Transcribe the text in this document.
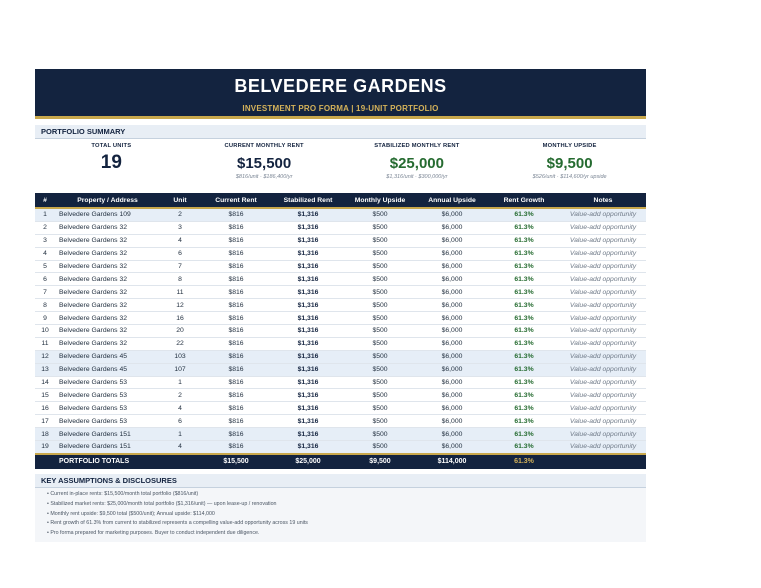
BELVEDERE GARDENS
INVESTMENT PRO FORMA | 19-UNIT PORTFOLIO
PORTFOLIO SUMMARY
TOTAL UNITS
19
CURRENT MONTHLY RENT
$15,500
$816/unit · $186,400/yr
STABILIZED MONTHLY RENT
$25,000
$1,316/unit · $300,000/yr
MONTHLY UPSIDE
$9,500
$526/unit · $114,600/yr upside
#	Property / Address	Unit	Current Rent	Stabilized Rent	Monthly Upside	Annual Upside	Rent Growth	Notes
1	Belvedere Gardens 109	2	$816	$1,316	$500	$6,000	61.3%	Value-add opportunity
2	Belvedere Gardens 32	3	$816	$1,316	$500	$6,000	61.3%	Value-add opportunity
3	Belvedere Gardens 32	4	$816	$1,316	$500	$6,000	61.3%	Value-add opportunity
4	Belvedere Gardens 32	6	$816	$1,316	$500	$6,000	61.3%	Value-add opportunity
5	Belvedere Gardens 32	7	$816	$1,316	$500	$6,000	61.3%	Value-add opportunity
6	Belvedere Gardens 32	8	$816	$1,316	$500	$6,000	61.3%	Value-add opportunity
7	Belvedere Gardens 32	11	$816	$1,316	$500	$6,000	61.3%	Value-add opportunity
8	Belvedere Gardens 32	12	$816	$1,316	$500	$6,000	61.3%	Value-add opportunity
9	Belvedere Gardens 32	16	$816	$1,316	$500	$6,000	61.3%	Value-add opportunity
10	Belvedere Gardens 32	20	$816	$1,316	$500	$6,000	61.3%	Value-add opportunity
11	Belvedere Gardens 32	22	$816	$1,316	$500	$6,000	61.3%	Value-add opportunity
12	Belvedere Gardens 45	103	$816	$1,316	$500	$6,000	61.3%	Value-add opportunity
13	Belvedere Gardens 45	107	$816	$1,316	$500	$6,000	61.3%	Value-add opportunity
14	Belvedere Gardens 53	1	$816	$1,316	$500	$6,000	61.3%	Value-add opportunity
15	Belvedere Gardens 53	2	$816	$1,316	$500	$6,000	61.3%	Value-add opportunity
16	Belvedere Gardens 53	4	$816	$1,316	$500	$6,000	61.3%	Value-add opportunity
17	Belvedere Gardens 53	6	$816	$1,316	$500	$6,000	61.3%	Value-add opportunity
18	Belvedere Gardens 151	1	$816	$1,316	$500	$6,000	61.3%	Value-add opportunity
19	Belvedere Gardens 151	4	$816	$1,316	$500	$6,000	61.3%	Value-add opportunity
	PORTFOLIO TOTALS		$15,500	$25,000	$9,500	$114,000	61.3%	
KEY ASSUMPTIONS & DISCLOSURES
• Current in-place rents: $15,500/month total portfolio ($816/unit)
• Stabilized market rents: $25,000/month total portfolio ($1,316/unit) — upon lease-up / renovation
• Monthly rent upside: $9,500 total ($500/unit); Annual upside: $114,000
• Rent growth of 61.3% from current to stabilized represents a compelling value-add opportunity across 19 units
• Pro forma prepared for marketing purposes. Buyer to conduct independent due diligence.
